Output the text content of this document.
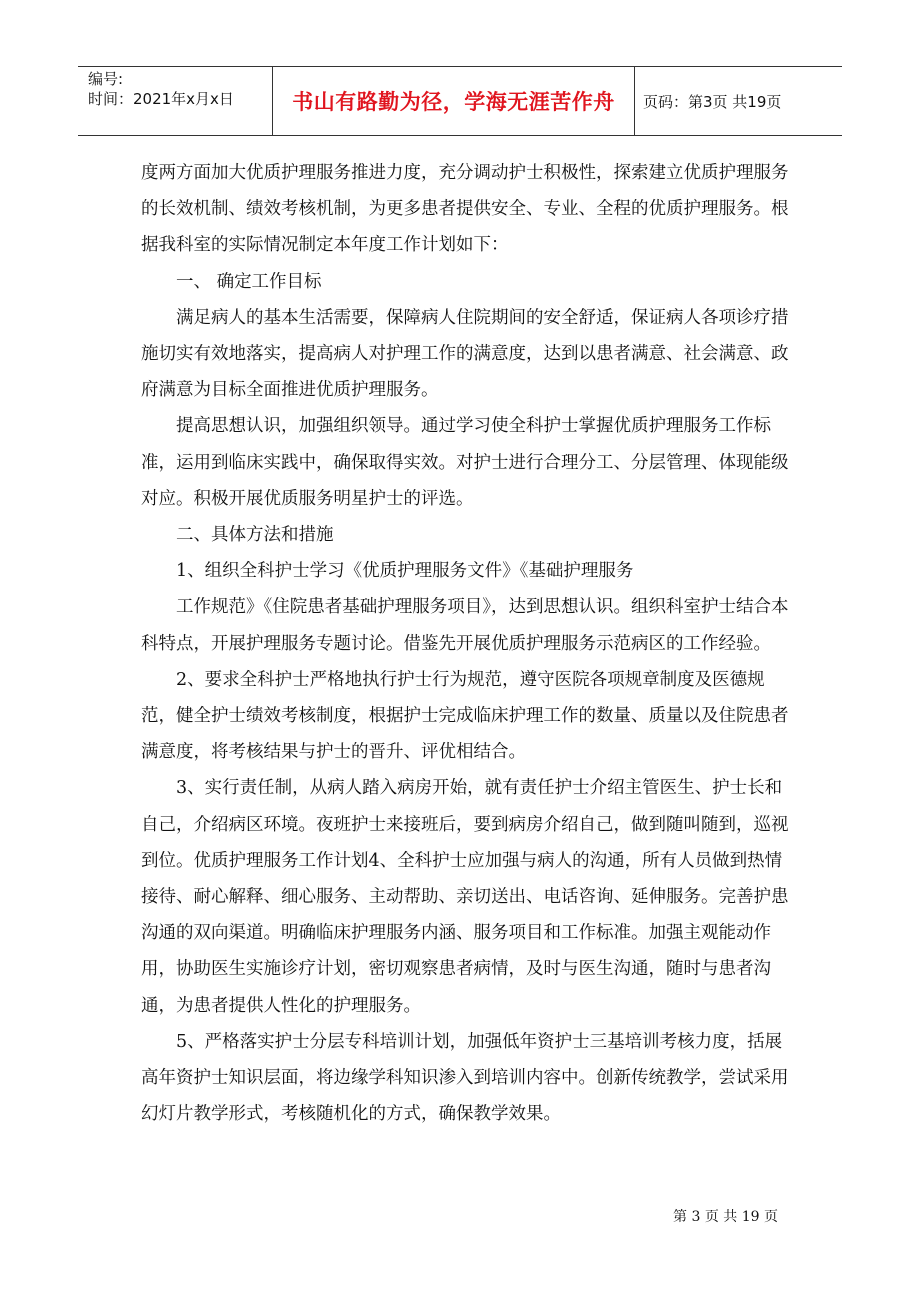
编号:
时间：2021年x月x日	书山有路勤为径，学海无涯苦作舟	页码：第3页 共19页

度两方面加大优质护理服务推进力度，充分调动护士积极性，探索建立优质护理服务的长效机制、绩效考核机制，为更多患者提供安全、专业、全程的优质护理服务。根据我科室的实际情况制定本年度工作计划如下：

一、 确定工作目标

满足病人的基本生活需要，保障病人住院期间的安全舒适，保证病人各项诊疗措施切实有效地落实，提高病人对护理工作的满意度，达到以患者满意、社会满意、政府满意为目标全面推进优质护理服务。

提高思想认识，加强组织领导。通过学习使全科护士掌握优质护理服务工作标准，运用到临床实践中，确保取得实效。对护士进行合理分工、分层管理、体现能级对应。积极开展优质服务明星护士的评选。

二、具体方法和措施

1、组织全科护士学习《优质护理服务文件》《基础护理服务

工作规范》《住院患者基础护理服务项目》，达到思想认识。组织科室护士结合本科特点，开展护理服务专题讨论。借鉴先开展优质护理服务示范病区的工作经验。

2、要求全科护士严格地执行护士行为规范，遵守医院各项规章制度及医德规范，健全护士绩效考核制度，根据护士完成临床护理工作的数量、质量以及住院患者满意度，将考核结果与护士的晋升、评优相结合。

3、实行责任制，从病人踏入病房开始，就有责任护士介绍主管医生、护士长和自己，介绍病区环境。夜班护士来接班后，要到病房介绍自己，做到随叫随到，巡视到位。优质护理服务工作计划4、全科护士应加强与病人的沟通，所有人员做到热情接待、耐心解释、细心服务、主动帮助、亲切送出、电话咨询、延伸服务。完善护患沟通的双向渠道。明确临床护理服务内涵、服务项目和工作标准。加强主观能动作用，协助医生实施诊疗计划，密切观察患者病情，及时与医生沟通，随时与患者沟通，为患者提供人性化的护理服务。

5、严格落实护士分层专科培训计划，加强低年资护士三基培训考核力度，括展高年资护士知识层面，将边缘学科知识渗入到培训内容中。创新传统教学，尝试采用幻灯片教学形式，考核随机化的方式，确保教学效果。

第 3 页 共 19 页
